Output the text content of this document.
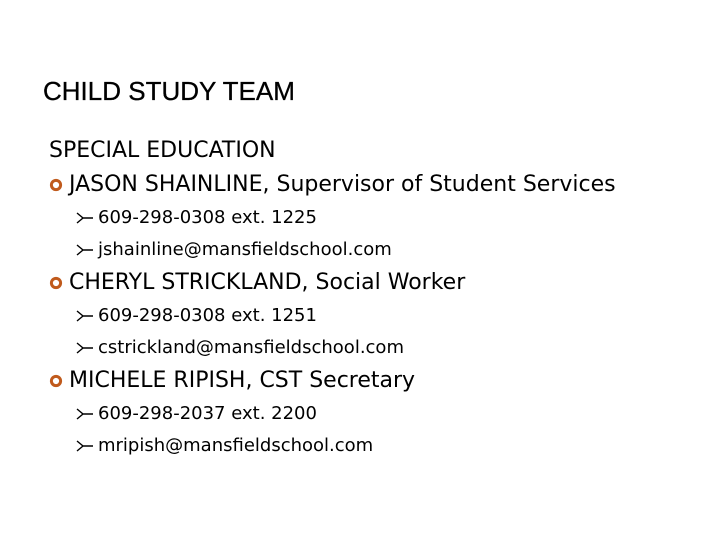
CHILD STUDY TEAM
SPECIAL EDUCATION
JASON SHAINLINE, Supervisor of Student Services
609-298-0308 ext. 1225
jshainline@mansfieldschool.com
CHERYL STRICKLAND, Social Worker
609-298-0308 ext. 1251
cstrickland@mansfieldschool.com
MICHELE RIPISH, CST Secretary
609-298-2037 ext. 2200
mripish@mansfieldschool.com
